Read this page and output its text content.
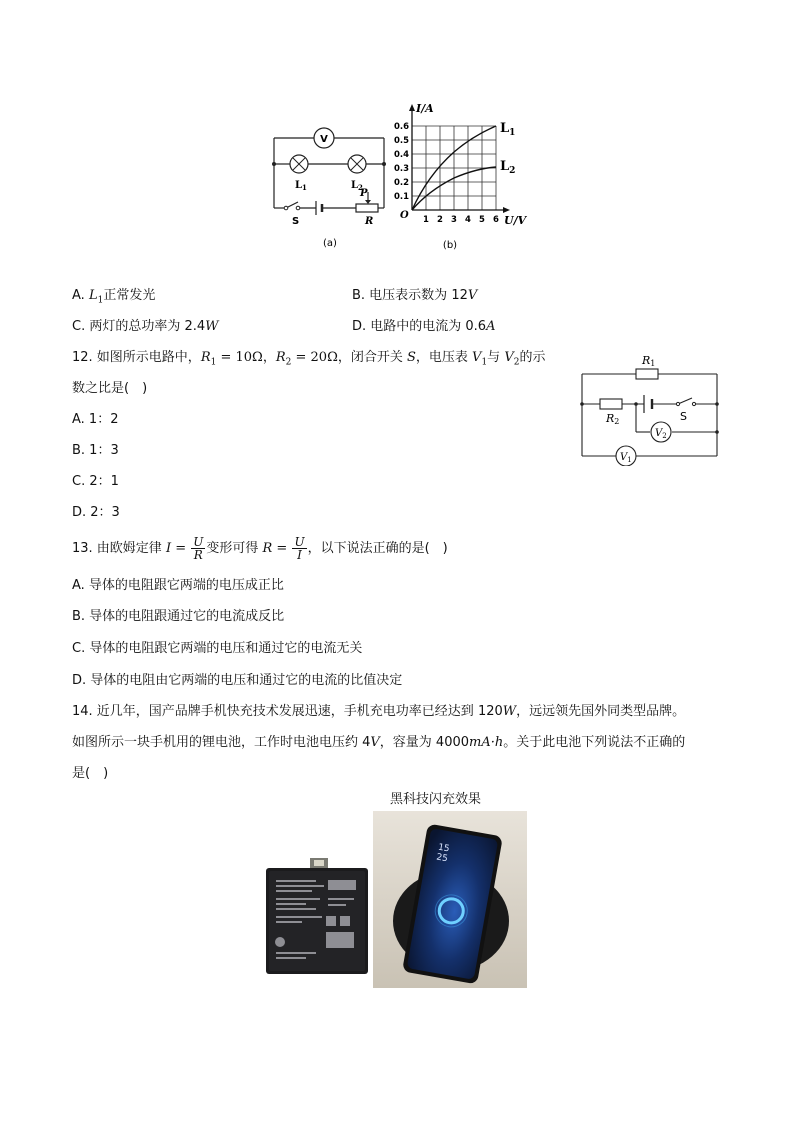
V
$L_1$	$L_2$
S
P
R
(a)
I/A
U/V
O
0.6
0.5
0.4
0.3
0.2
0.1
1 2 3 4 5 6
$L_1$
$L_2$
(b)
A. $L_1$正常发光	B. 电压表示数为 12V
C. 两灯的总功率为 2.4W	D. 电路中的电流为 0.6A
12. 如图所示电路中，$R_1 = 10\Omega$，$R_2 = 20\Omega$，闭合开关 S，电压表 $V_1$与 $V_2$的示
数之比是(　)
A. 1：2
B. 1：3
C. 2：1
D. 2：3
R1
R2	S
$V_2$
$V_1$
13. 由欧姆定律 $I = \frac{U}{R}$ 变形可得 $R = \frac{U}{I}$ ，以下说法正确的是(　)
A. 导体的电阻跟它两端的电压成正比
B. 导体的电阻跟通过它的电流成反比
C. 导体的电阻跟它两端的电压和通过它的电流无关
D. 导体的电阻由它两端的电压和通过它的电流的比值决定
14. 近几年，国产品牌手机快充技术发展迅速，手机充电功率已经达到 120W，远远领先国外同类型品牌。
如图所示一块手机用的锂电池，工作时电池电压约 4V，容量为 4000mA·h。关于此电池下列说法不正确的
是(　)
黑科技闪充效果
15
25
